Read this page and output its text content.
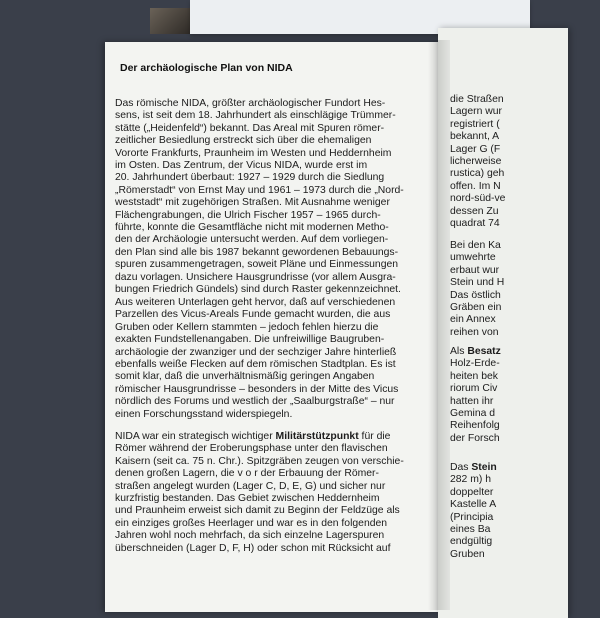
die Straßen
Lagern wur
registriert (
bekannt, A
Lager G (F
licherweise
rustica) geh
offen. Im N
nord-süd-ve
dessen Zu
quadrat 74
Bei den Ka
umwehrte
erbaut wur
Stein und H
Das östlich
Gräben ein
ein Annex
reihen von
Als Besatz
Holz-Erde-
heiten bek
riorum Civ
hatten ihr
Gemina d
Reihenfolg
der Forsch
Das Stein
282 m) h
doppelter
Kastelle A
(Principia
eines Ba
endgültig
Gruben
Der archäologische Plan von NIDA
Das römische NIDA, größter archäologischer Fundort Hes-
sens, ist seit dem 18. Jahrhundert als einschlägige Trümmer-
stätte („Heidenfeld“) bekannt. Das Areal mit Spuren römer-
zeitlicher Besiedlung erstreckt sich über die ehemaligen
Vororte Frankfurts, Praunheim im Westen und Heddernheim
im Osten. Das Zentrum, der Vicus NIDA, wurde erst im
20. Jahrhundert überbaut: 1927 – 1929 durch die Siedlung
„Römerstadt“ von Ernst May und 1961 – 1973 durch die „Nord-
weststadt“ mit zugehörigen Straßen. Mit Ausnahme weniger
Flächengrabungen, die Ulrich Fischer 1957 – 1965 durch-
führte, konnte die Gesamtfläche nicht mit modernen Metho-
den der Archäologie untersucht werden. Auf dem vorliegen-
den Plan sind alle bis 1987 bekannt gewordenen Bebauungs-
spuren zusammengetragen, soweit Pläne und Einmessungen
dazu vorlagen. Unsichere Hausgrundrisse (vor allem Ausgra-
bungen Friedrich Gündels) sind durch Raster gekennzeichnet.
Aus weiteren Unterlagen geht hervor, daß auf verschiedenen
Parzellen des Vicus-Areals Funde gemacht wurden, die aus
Gruben oder Kellern stammten – jedoch fehlen hierzu die
exakten Fundstellenangaben. Die unfreiwillige Baugruben-
archäologie der zwanziger und der sechziger Jahre hinterließ
ebenfalls weiße Flecken auf dem römischen Stadtplan. Es ist
somit klar, daß die unverhältnismäßig geringen Angaben
römischer Hausgrundrisse – besonders in der Mitte des Vicus
nördlich des Forums und westlich der „Saalburgstraße“ – nur
einen Forschungsstand widerspiegeln.
NIDA war ein strategisch wichtiger Militärstützpunkt für die
Römer während der Eroberungsphase unter den flavischen
Kaisern (seit ca. 75 n. Chr.). Spitzgräben zeugen von verschie-
denen großen Lagern, die v o r der Erbauung der Römer-
straßen angelegt wurden (Lager C, D, E, G) und sicher nur
kurzfristig bestanden. Das Gebiet zwischen Heddernheim
und Praunheim erweist sich damit zu Beginn der Feldzüge als
ein einziges großes Heerlager und war es in den folgenden
Jahren wohl noch mehrfach, da sich einzelne Lagerspuren
überschneiden (Lager D, F, H) oder schon mit Rücksicht auf
